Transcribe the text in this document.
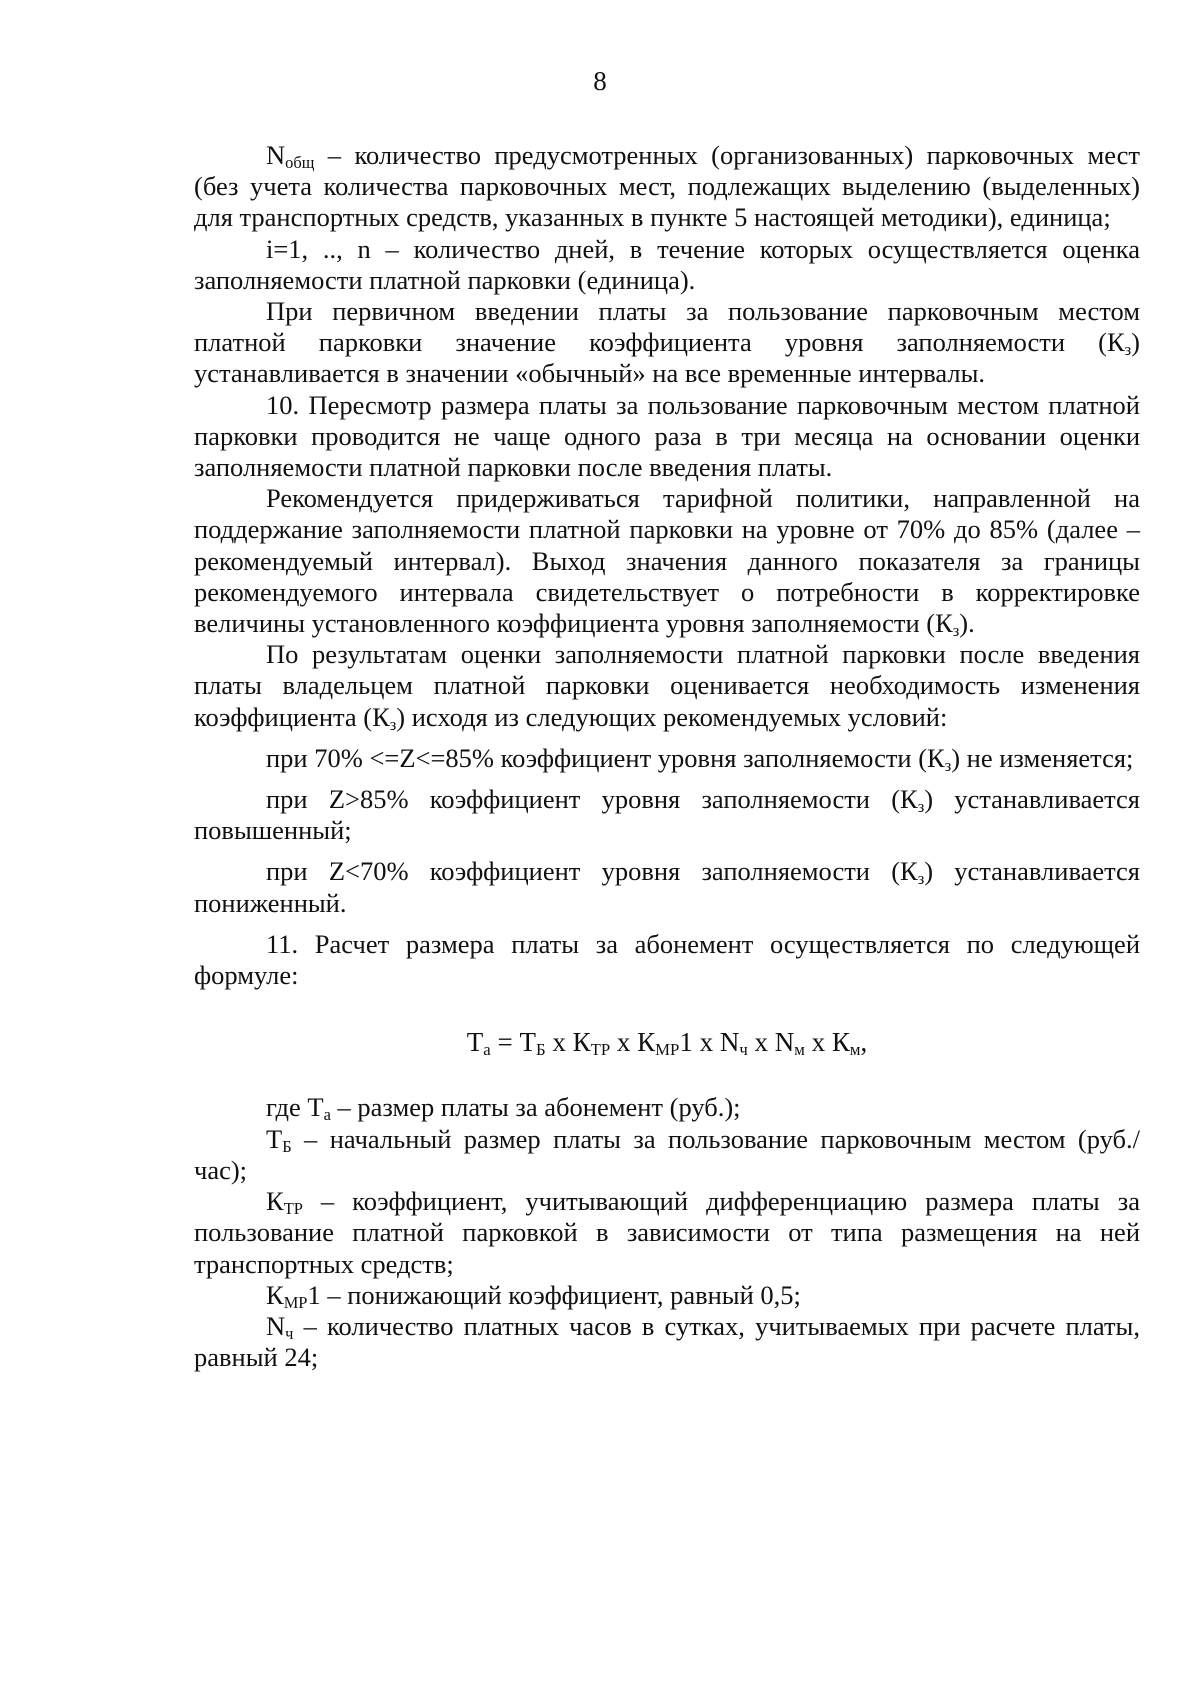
8

$N_{общ}$ – количество предусмотренных (организованных) парковочных мест (без учета количества парковочных мест, подлежащих выделению (выделенных) для транспортных средств, указанных в пункте 5 настоящей методики), единица;

i=1, .., n – количество дней, в течение которых осуществляется оценка заполняемости платной парковки (единица).

При первичном введении платы за пользование парковочным местом платной парковки значение коэффициента уровня заполняемости $(К_з)$ устанавливается в значении «обычный» на все временные интервалы.

10. Пересмотр размера платы за пользование парковочным местом платной парковки проводится не чаще одного раза в три месяца на основании оценки заполняемости платной парковки после введения платы.

Рекомендуется придерживаться тарифной политики, направленной на поддержание заполняемости платной парковки на уровне от 70% до 85% (далее – рекомендуемый интервал). Выход значения данного показателя за границы рекомендуемого интервала свидетельствует о потребности в корректировке величины установленного коэффициента уровня заполняемости $(К_з)$.

По результатам оценки заполняемости платной парковки после введения платы владельцем платной парковки оценивается необходимость изменения коэффициента $(К_з)$ исходя из следующих рекомендуемых условий:

при 70% <=Z<=85% коэффициент уровня заполняемости $(К_з)$ не изменяется;

при Z>85% коэффициент уровня заполняемости $(К_з)$ устанавливается повышенный;

при Z<70% коэффициент уровня заполняемости $(К_з)$ устанавливается пониженный.

11. Расчет размера платы за абонемент осуществляется по следующей формуле:

$Т_а = Т_Б$ х $К_{ТР}$ х $К_{МР}1$ х $N_ч$ х $N_м$ х $К_м$,

где $Т_а$ – размер платы за абонемент (руб.);

$Т_Б$ – начальный размер платы за пользование парковочным местом (руб./час);

$К_{ТР}$ – коэффициент, учитывающий дифференциацию размера платы за пользование платной парковкой в зависимости от типа размещения на ней транспортных средств;

$К_{МР}1$ – понижающий коэффициент, равный 0,5;

$N_ч$ – количество платных часов в сутках, учитываемых при расчете платы, равный 24;
